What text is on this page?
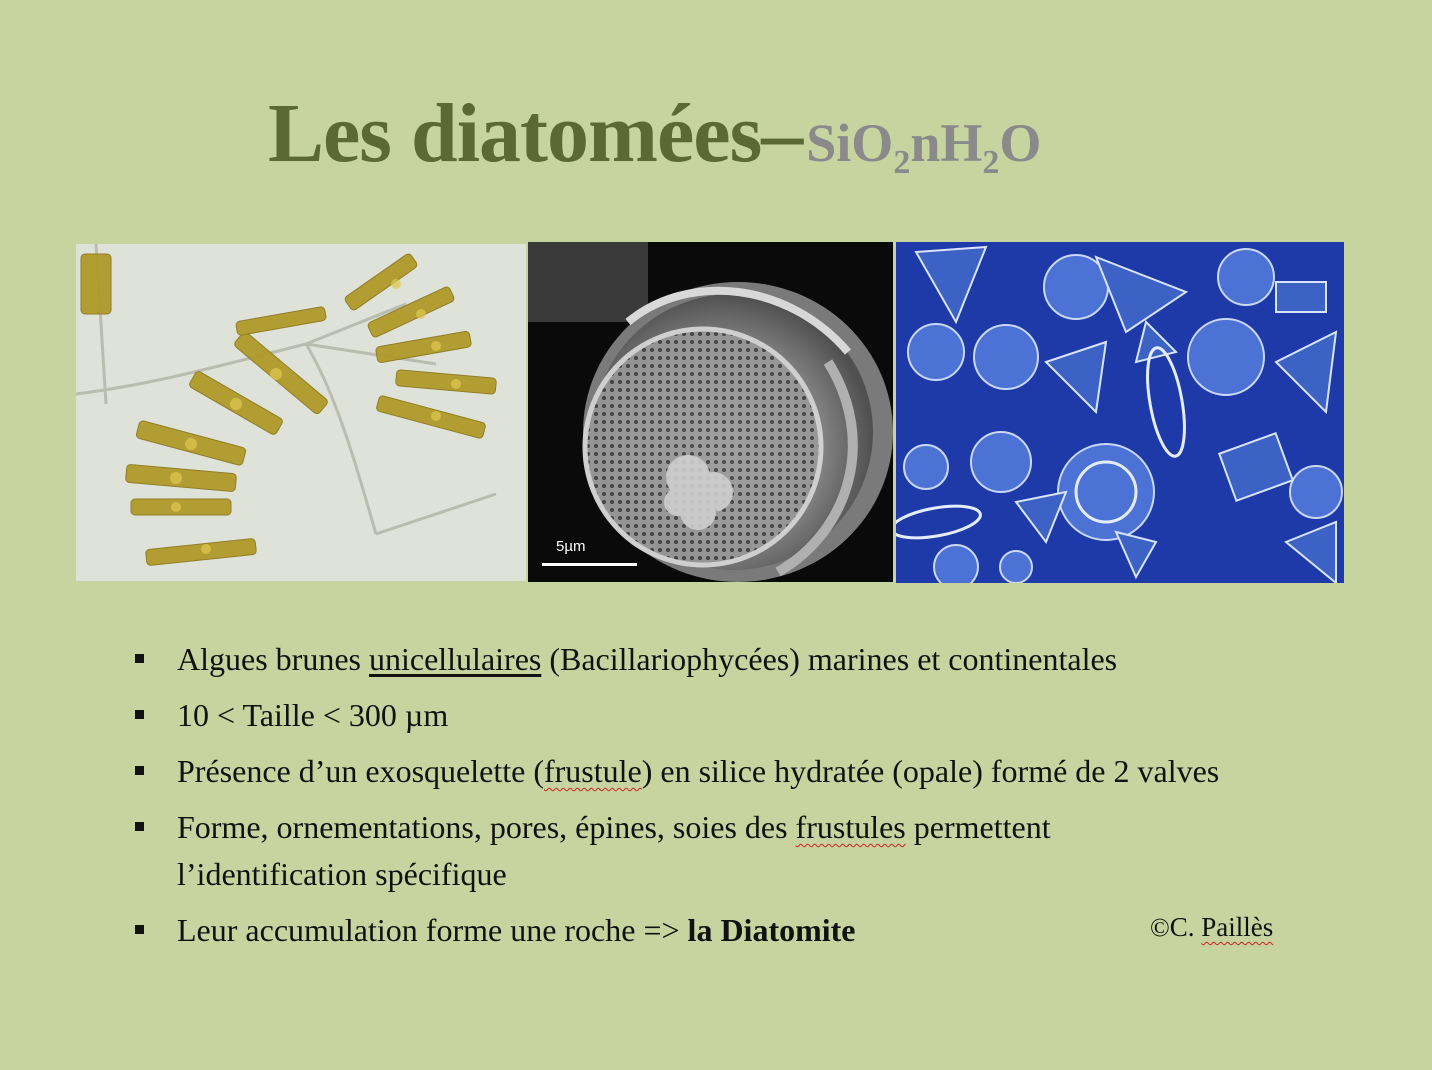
Les diatomées–$SiO_2nH_2O$
5µm
Algues brunes unicellulaires (Bacillariophycées) marines et continentales
10 < Taille < 300 µm
Présence d’un exosquelette (frustule) en silice hydratée (opale) formé de 2 valves
Forme, ornementations, pores, épines, soies des frustules permettent
l’identification spécifique
Leur accumulation forme une roche => la Diatomite	©C. Paillès
